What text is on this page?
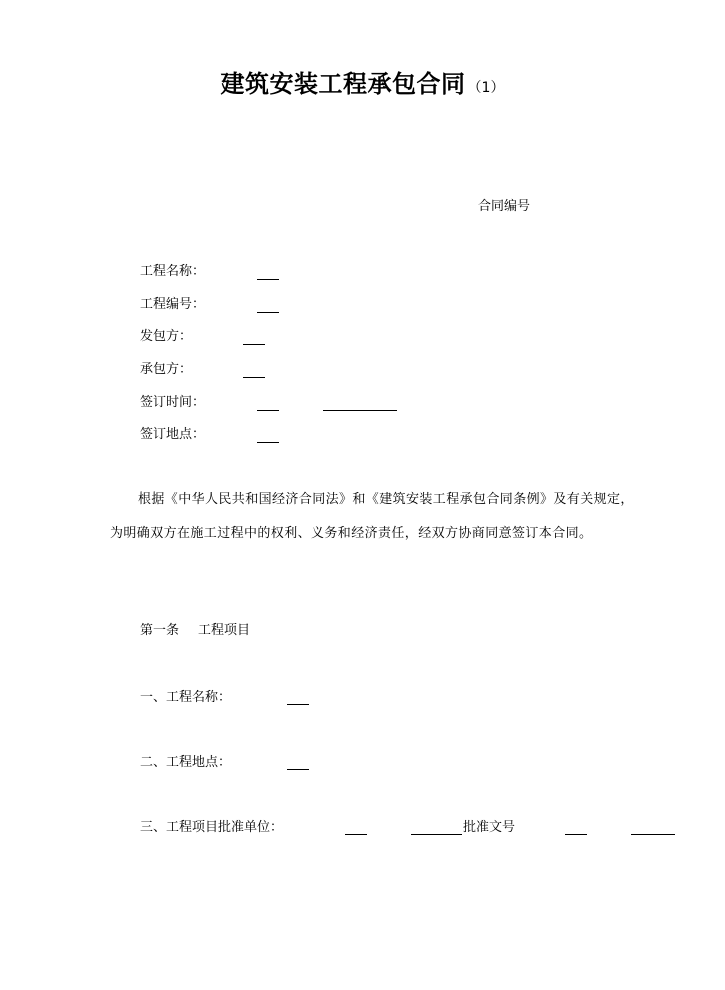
建筑安装工程承包合同 （1）
合同编号
工程名称：
工程编号：
发包方：
承包方：
签订时间：
签订地点：
根据《中华人民共和国经济合同法》和《建筑安装工程承包合同条例》及有关规定，为明确双方在施工过程中的权利、义务和经济责任，经双方协商同意签订本合同。
第一条 工程项目
一、工程名称：
二、工程地点：
三、工程项目批准单位：	批准文号
